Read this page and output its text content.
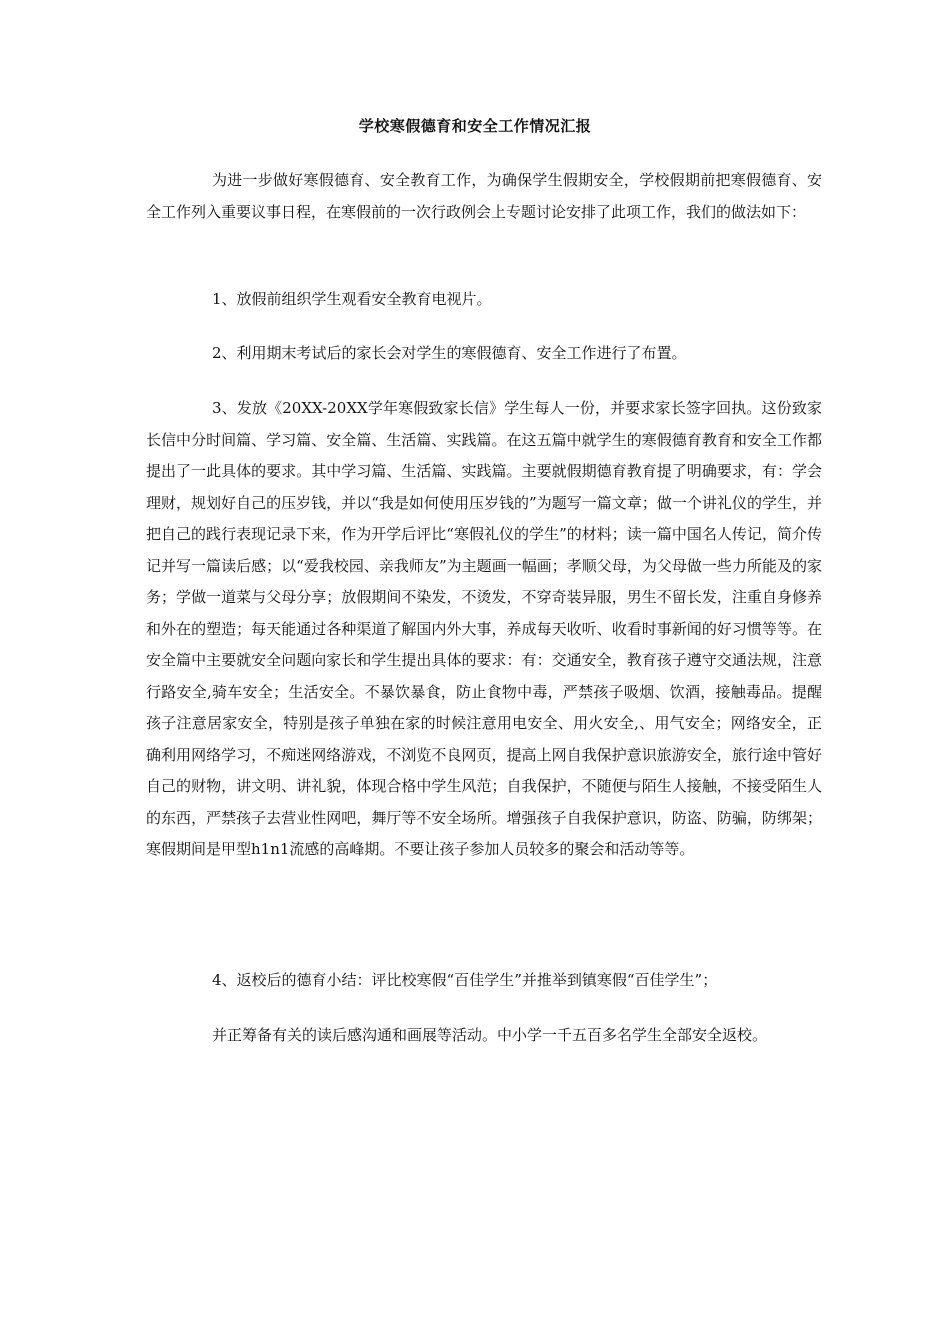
学校寒假德育和安全工作情况汇报

为进一步做好寒假德育、安全教育工作，为确保学生假期安全，学校假期前把寒假德育、安全工作列入重要议事日程，在寒假前的一次行政例会上专题讨论安排了此项工作，我们的做法如下：

1、放假前组织学生观看安全教育电视片。

2、利用期末考试后的家长会对学生的寒假德育、安全工作进行了布置。

3、发放《20XX-20XX学年寒假致家长信》学生每人一份，并要求家长签字回执。这份致家长信中分时间篇、学习篇、安全篇、生活篇、实践篇。在这五篇中就学生的寒假德育教育和安全工作都提出了一此具体的要求。其中学习篇、生活篇、实践篇。主要就假期德育教育提了明确要求，有：学会理财，规划好自己的压岁钱，并以“我是如何使用压岁钱的”为题写一篇文章；做一个讲礼仪的学生，并把自己的践行表现记录下来，作为开学后评比“寒假礼仪的学生”的材料；读一篇中国名人传记，简介传记并写一篇读后感；以“爱我校园、亲我师友”为主题画一幅画；孝顺父母，为父母做一些力所能及的家务；学做一道菜与父母分享；放假期间不染发，不烫发，不穿奇装异服，男生不留长发，注重自身修养和外在的塑造；每天能通过各种渠道了解国内外大事，养成每天收听、收看时事新闻的好习惯等等。在安全篇中主要就安全问题向家长和学生提出具体的要求：有：交通安全，教育孩子遵守交通法规，注意行路安全,骑车安全；生活安全。不暴饮暴食，防止食物中毒，严禁孩子吸烟、饮酒，接触毒品。提醒孩子注意居家安全，特别是孩子单独在家的时候注意用电安全、用火安全,、用气安全；网络安全，正确利用网络学习，不痴迷网络游戏，不浏览不良网页，提高上网自我保护意识旅游安全，旅行途中管好自己的财物，讲文明、讲礼貌，体现合格中学生风范；自我保护，不随便与陌生人接触，不接受陌生人的东西，严禁孩子去营业性网吧，舞厅等不安全场所。增强孩子自我保护意识，防盗、防骗，防绑架；寒假期间是甲型h1n1流感的高峰期。不要让孩子参加人员较多的聚会和活动等等。

4、返校后的德育小结：评比校寒假“百佳学生”并推举到镇寒假“百佳学生”；

并正筹备有关的读后感沟通和画展等活动。中小学一千五百多名学生全部安全返校。
